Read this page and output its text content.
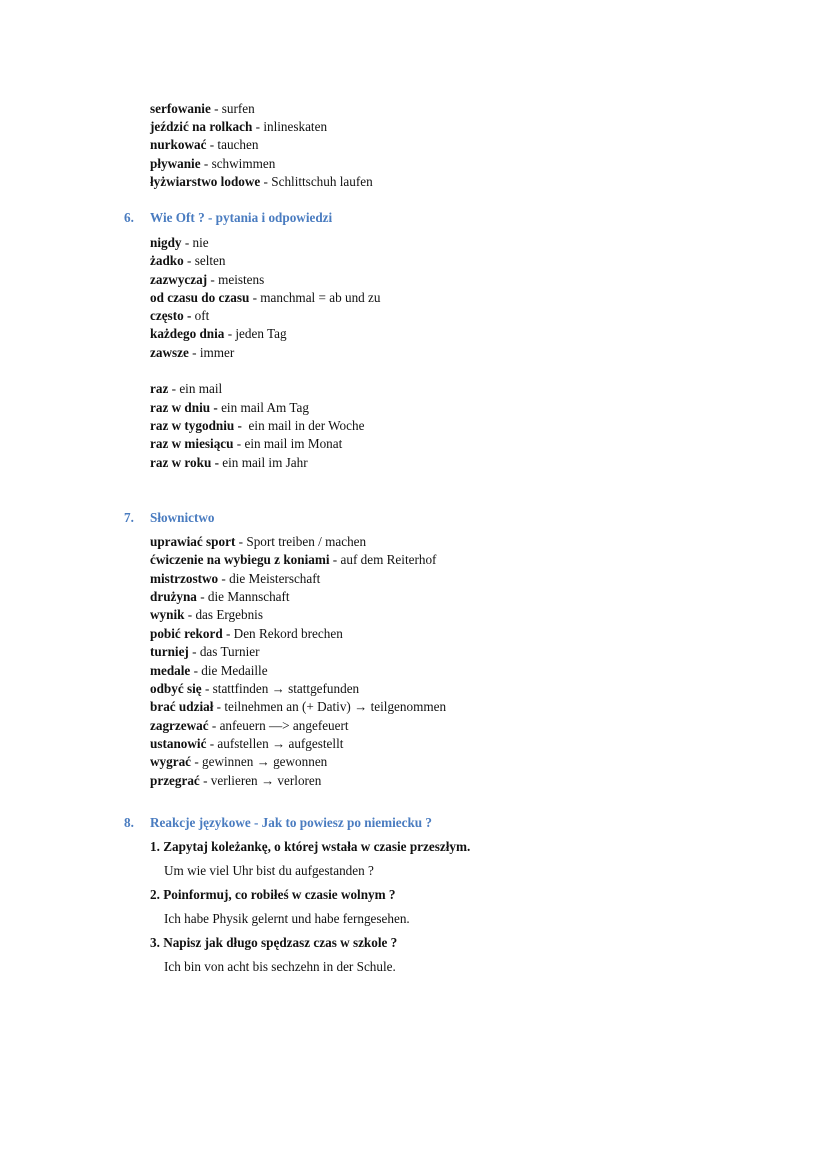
serfowanie - surfen
jeździć na rolkach - inlineskaten
nurkować - tauchen
pływanie - schwimmen
łyżwiarstwo lodowe - Schlittschuh laufen
6. Wie Oft ? - pytania i odpowiedzi
nigdy - nie
żadko - selten
zazwyczaj - meistens
od czasu do czasu - manchmal = ab und zu
często - oft
każdego dnia - jeden Tag
zawsze - immer
raz - ein mail
raz w dniu - ein mail Am Tag
raz w tygodniu - ein mail in der Woche
raz w miesiącu - ein mail im Monat
raz w roku - ein mail im Jahr
7. Słownictwo
uprawiać sport - Sport treiben / machen
ćwiczenie na wybiegu z koniami - auf dem Reiterhof
mistrzostwo - die Meisterschaft
drużyna - die Mannschaft
wynik - das Ergebnis
pobić rekord - Den Rekord brechen
turniej - das Turnier
medale - die Medaille
odbyć się - stattfinden → stattgefunden
brać udział - teilnehmen an (+ Dativ) → teilgenommen
zagrzewać - anfeuern —> angefeuert
ustanowić - aufstellen → aufgestellt
wygrać - gewinnen → gewonnen
przegrać - verlieren → verloren
8. Reakcje językowe - Jak to powiesz po niemiecku ?
1. Zapytaj koleżankę, o której wstała w czasie przeszłym.
Um wie viel Uhr bist du aufgestanden ?
2. Poinformuj, co robiłeś w czasie wolnym ?
Ich habe Physik gelernt und habe ferngesehen.
3. Napisz jak długo spędzasz czas w szkole ?
Ich bin von acht bis sechzehn in der Schule.
